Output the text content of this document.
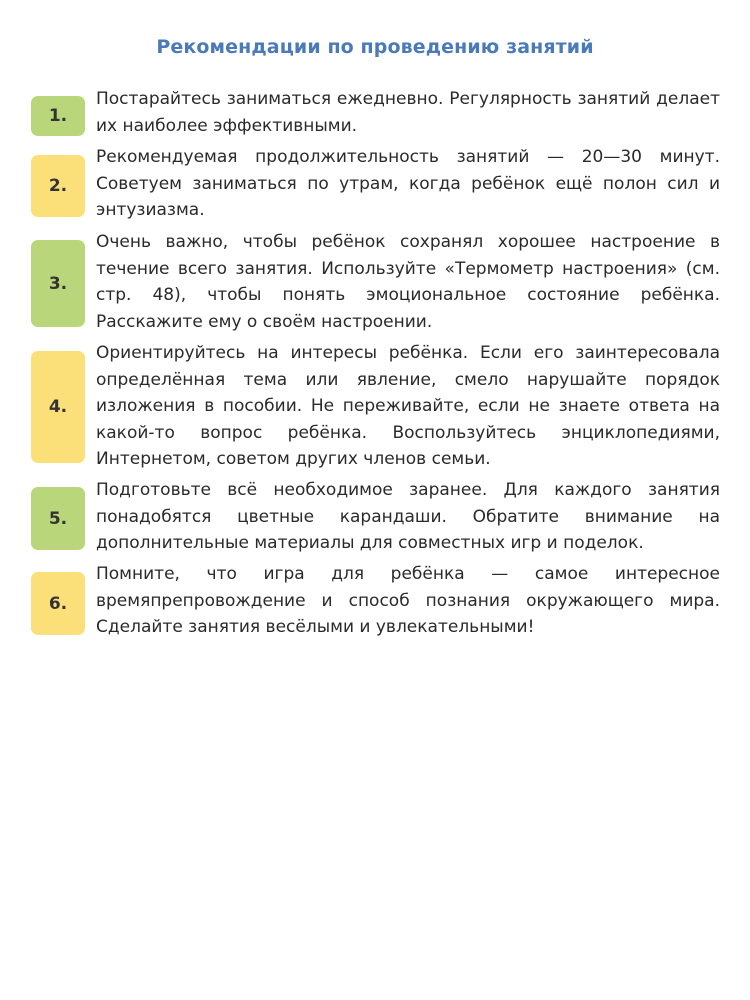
Рекомендации по проведению занятий
1.
Постарайтесь заниматься ежедневно. Регулярность занятий делает их наиболее эффективными.
2.
Рекомендуемая продолжительность занятий — 20—30 минут. Советуем заниматься по утрам, когда ребёнок ещё полон сил и энтузиазма.
3.
Очень важно, чтобы ребёнок сохранял хорошее настроение в течение всего занятия. Используйте «Термометр настроения» (см. стр. 48), чтобы понять эмоциональное состояние ребёнка. Расскажите ему о своём настроении.
4.
Ориентируйтесь на интересы ребёнка. Если его заинтересовала определённая тема или явление, смело нарушайте порядок изложения в пособии. Не переживайте, если не знаете ответа на какой-то вопрос ребёнка. Воспользуйтесь энциклопедиями, Интернетом, советом других членов семьи.
5.
Подготовьте всё необходимое заранее. Для каждого занятия понадобятся цветные карандаши. Обратите внимание на дополнительные материалы для совместных игр и поделок.
6.
Помните, что игра для ребёнка — самое интересное времяпрепровождение и способ познания окружающего мира. Сделайте занятия весёлыми и увлекательными!
